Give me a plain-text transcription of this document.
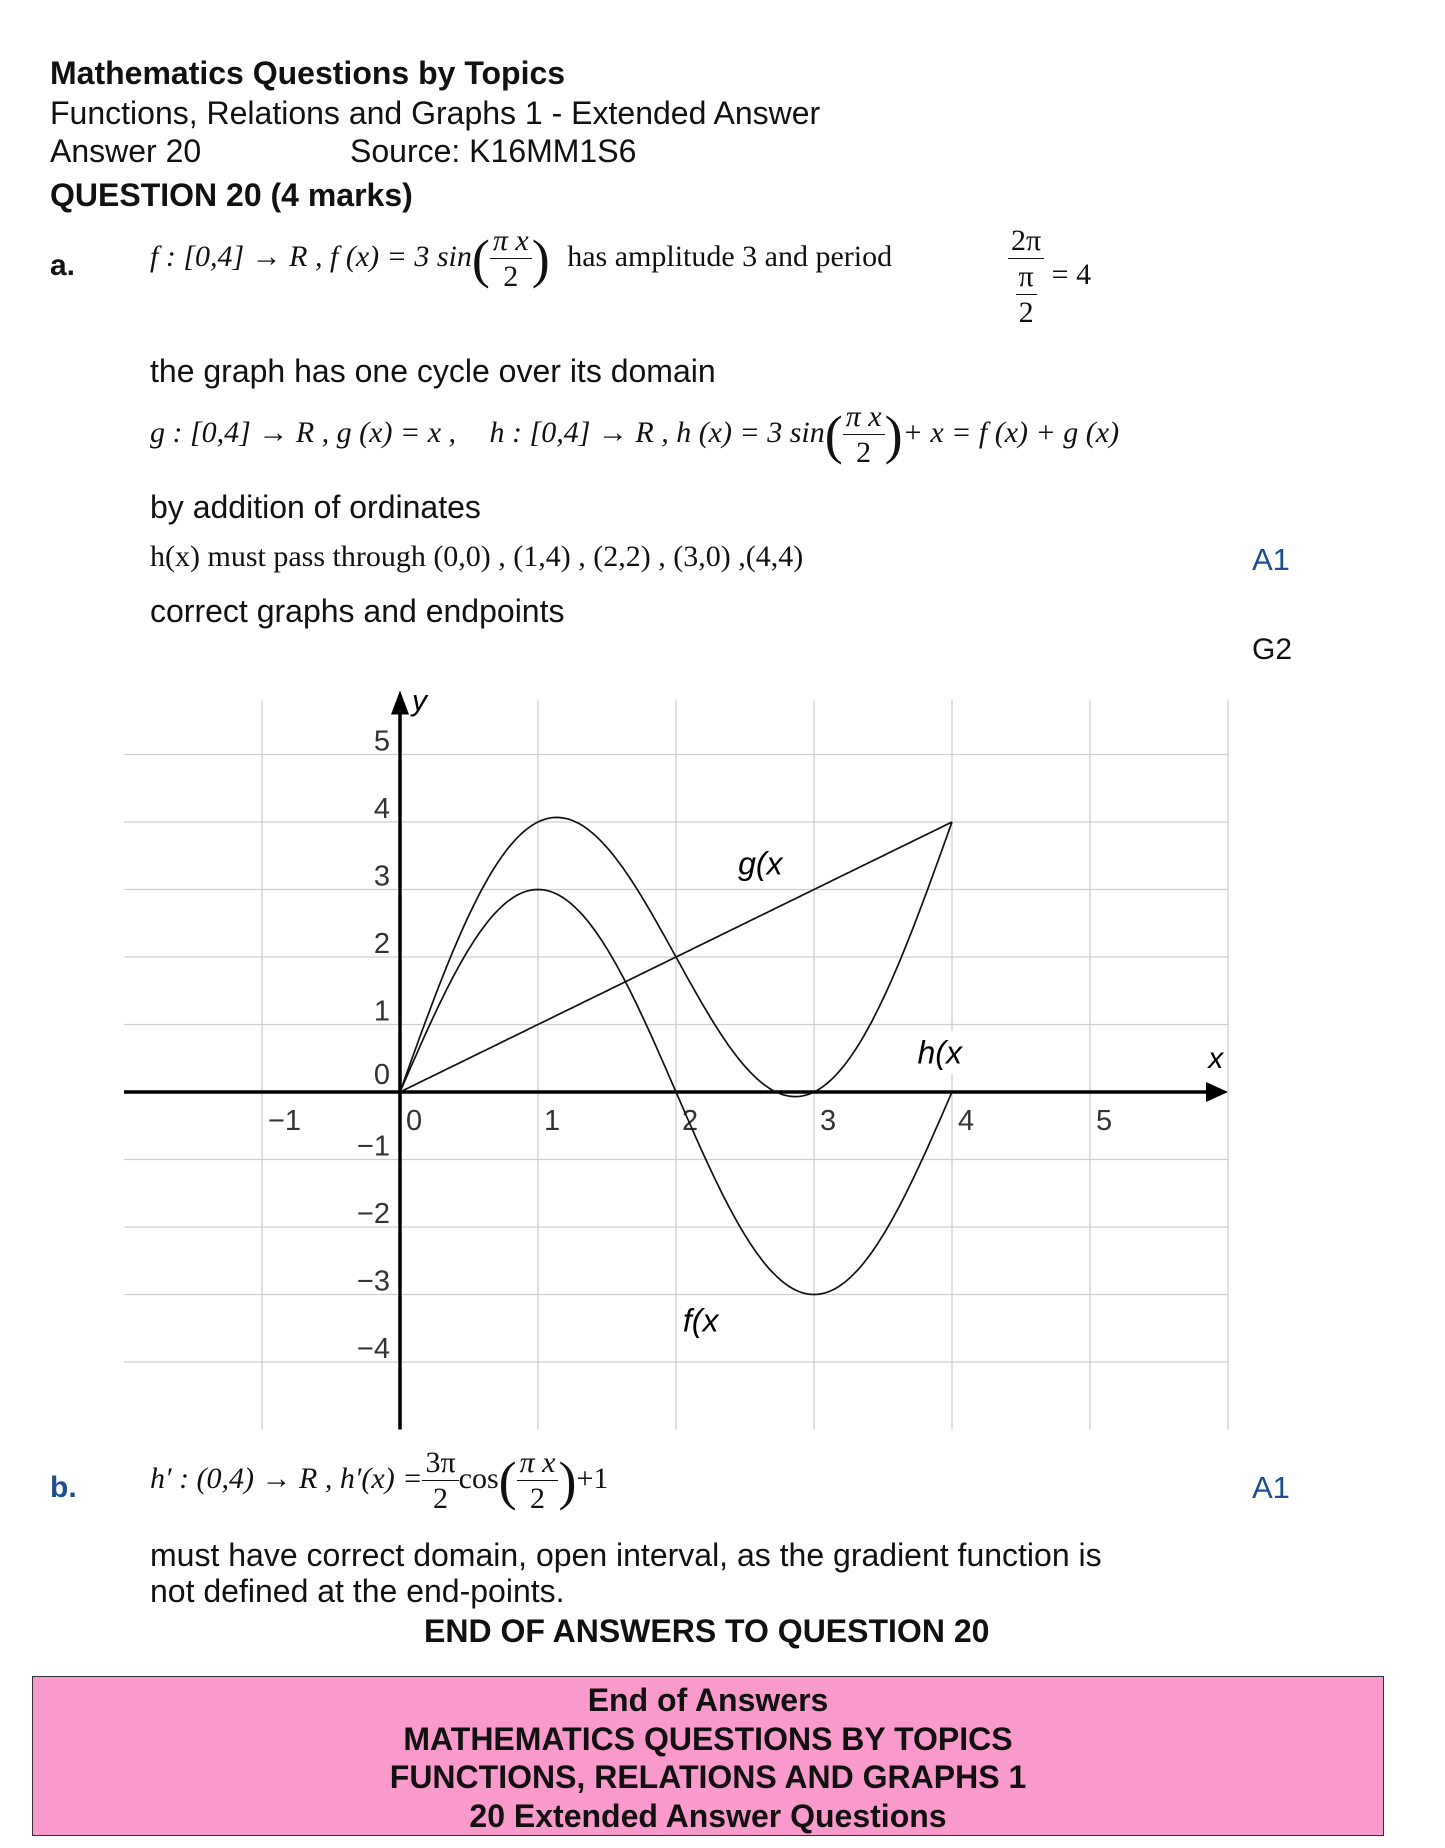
Mathematics Questions by Topics
Functions, Relations and Graphs 1 - Extended Answer
Answer 20	Source: K16MM1S6
QUESTION 20 (4 marks)
a. f : [0,4] → R , f (x) = 3 $\sin( \frac{\text{π x}}{2}$ ) has amplitude 3 and period	$\frac{2\pi}{\frac{\pi}{2}} = 4$
the graph has one cycle over its domain
g : [0,4] → R , g (x) = x , h : [0,4] → R , h (x) = 3 $\sin( \frac{\text{π x}}{2}$ )+ x = f (x) + g (x)
by addition of ordinates
h(x) must pass through (0,0) , (1,4) , (2,2) , (3,0) ,(4,4)	A1
correct graphs and endpoints
G2
−1	0	1	2	3	4	5
5
4
3
2
1
0
−1
−2
−3
−4
x
y
f(x
g(x
h(x
b. h′ : (0,4) → R , $h'(x) = \frac{3\pi}{2} \cos( \frac{\text{π x}}{2} )+1$	A1
must have correct domain, open interval, as the gradient function is
not defined at the end-points.
END OF ANSWERS TO QUESTION 20
End of Answers
MATHEMATICS QUESTIONS BY TOPICS
FUNCTIONS, RELATIONS AND GRAPHS 1
20 Extended Answer Questions
